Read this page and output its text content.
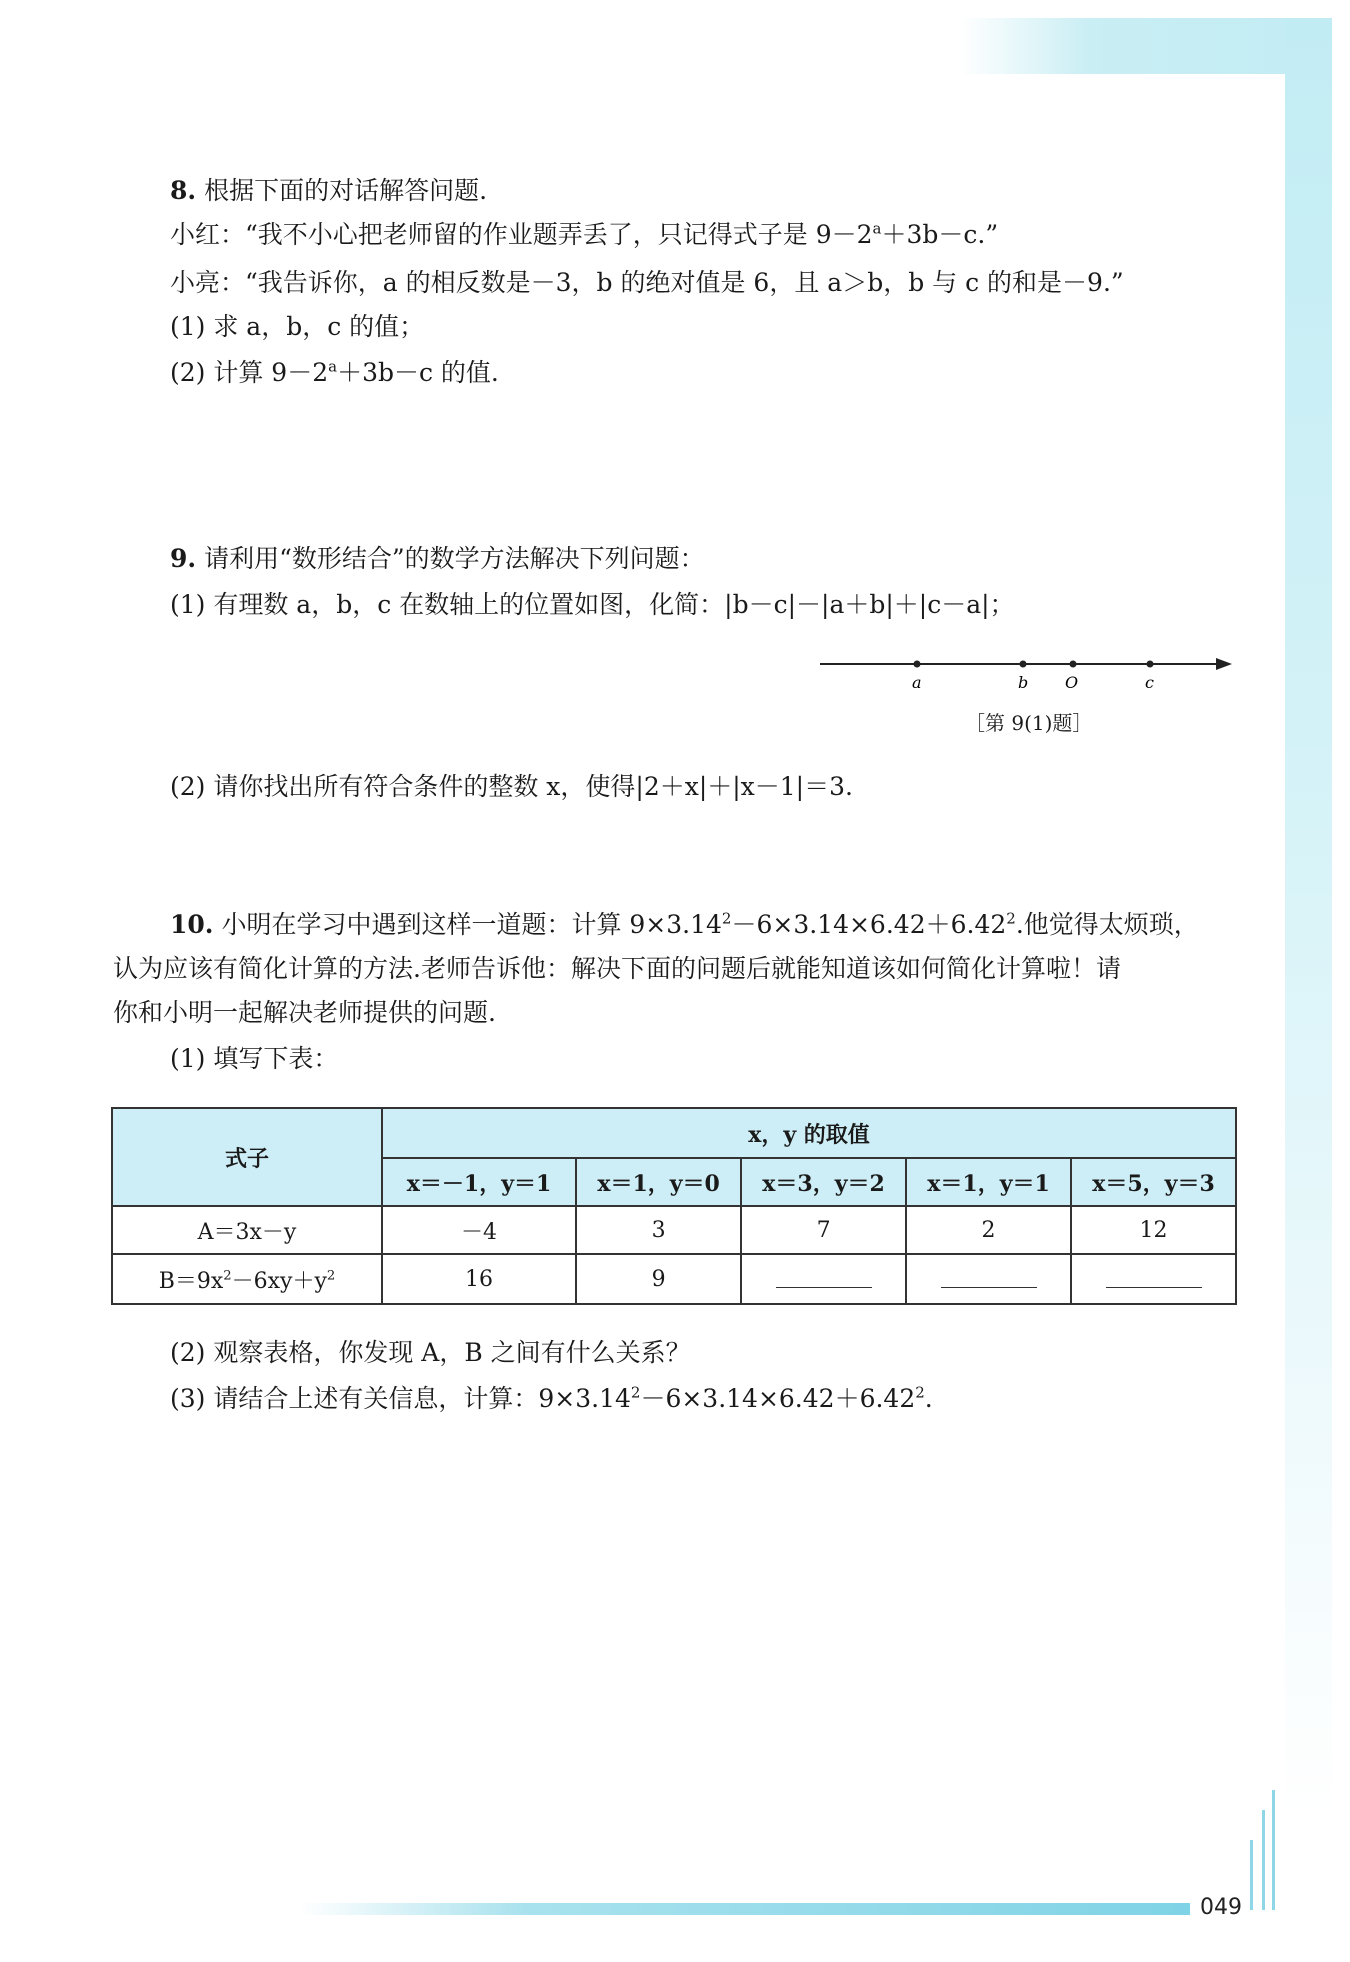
049
8. 根据下面的对话解答问题.
小红：“我不小心把老师留的作业题弄丢了，只记得式子是 $9-2^a+3b-c$.”
小亮：“我告诉你，a 的相反数是－3，b 的绝对值是 6，且 a＞b，b 与 c 的和是－9.”
(1) 求 a，b，c 的值；
(2) 计算 $9-2^a+3b-c$ 的值.
9. 请利用“数形结合”的数学方法解决下列问题：
(1) 有理数 a，b，c 在数轴上的位置如图，化简：|b－c|－|a＋b|＋|c－a|；
a	b O	c
［第 9(1)题］
(2) 请你找出所有符合条件的整数 x，使得|2＋x|＋|x－1|＝3.
10. 小明在学习中遇到这样一道题：计算 $9\times 3.14^2-6\times 3.14\times 6.42+6.42^2$.他觉得太烦琐，
认为应该有简化计算的方法.老师告诉他：解决下面的问题后就能知道该如何简化计算啦！请
你和小明一起解决老师提供的问题.
(1) 填写下表：
式子	x，y 的取值				
	x＝－1，y＝1	x＝1，y＝0	x＝3，y＝2	x＝1，y＝1	x＝5，y＝3
A＝3x－y	－4	3	7	2	12
$B=9x^2-6xy+y^2$	16	9			
(2) 观察表格，你发现 A，B 之间有什么关系？
(3) 请结合上述有关信息，计算：$9\times 3.14^2-6\times 3.14\times 6.42+6.42^2$.
